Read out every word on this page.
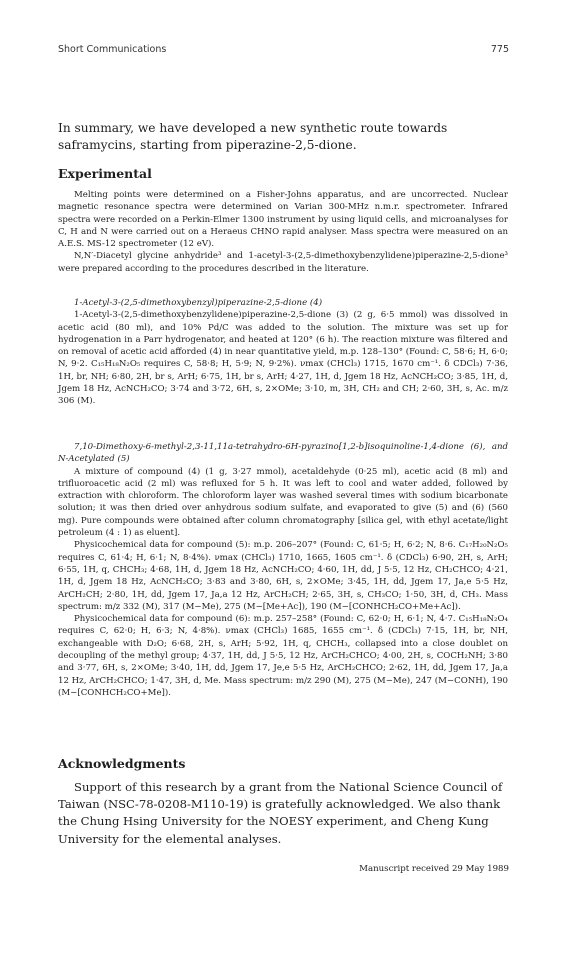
Short Communications	775
In summary, we have developed a new synthetic route towards saframycins, starting from piperazine-2,5-dione.
Experimental

Melting points were determined on a Fisher-Johns apparatus, and are uncorrected. Nuclear magnetic resonance spectra were determined on Varian 300-MHz n.m.r. spectrometer. Infrared spectra were recorded on a Perkin-Elmer 1300 instrument by using liquid cells, and microanalyses for C, H and N were carried out on a Heraeus CHNO rapid analyser. Mass spectra were measured on an A.E.S. MS-12 spectrometer (12 eV).

N,N′-Diacetyl glycine anhydride³ and 1-acetyl-3-(2,5-dimethoxybenzylidene)piperazine-2,5-dione³ were prepared according to the procedures described in the literature.

1-Acetyl-3-(2,5-dimethoxybenzyl)piperazine-2,5-dione (4)

1-Acetyl-3-(2,5-dimethoxybenzylidene)piperazine-2,5-dione (3) (2 g, 6·5 mmol) was dissolved in acetic acid (80 ml), and 10% Pd/C was added to the solution. The mixture was set up for hydrogenation in a Parr hydrogenator, and heated at 120° (6 h). The reaction mixture was filtered and on removal of acetic acid afforded (4) in near quantitative yield, m.p. 128–130° (Found: C, 58·6; H, 6·0; N, 9·2. C₁₅H₁₈N₂O₅ requires C, 58·8; H, 5·9; N, 9·2%). νmax (CHCl₃) 1715, 1670 cm⁻¹. δ CDCl₃) 7·36, 1H, br, NH; 6·80, 2H, br s, ArH; 6·75, 1H, br s, ArH; 4·27, 1H, d, Jgem 18 Hz, AcNCH₂CO; 3·85, 1H, d, Jgem 18 Hz, AcNCH₂CO; 3·74 and 3·72, 6H, s, 2×OMe; 3·10, m, 3H, CH₂ and CH; 2·60, 3H, s, Ac. m/z 306 (M).

7,10-Dimethoxy-6-methyl-2,3-11,11a-tetrahydro-6H-pyrazino[1,2-b]isoquinoline-1,4-dione (6), and N-Acetylated (5)

A mixture of compound (4) (1 g, 3·27 mmol), acetaldehyde (0·25 ml), acetic acid (8 ml) and trifluoroacetic acid (2 ml) was refluxed for 5 h. It was left to cool and water added, followed by extraction with chloroform. The chloroform layer was washed several times with sodium bicarbonate solution; it was then dried over anhydrous sodium sulfate, and evaporated to give (5) and (6) (560 mg). Pure compounds were obtained after column chromatography [silica gel, with ethyl acetate/light petroleum (4 : 1) as eluent].

Physicochemical data for compound (5): m.p. 206–207° (Found: C, 61·5; H, 6·2; N, 8·6. C₁₇H₂₀N₂O₅ requires C, 61·4; H, 6·1; N, 8·4%). νmax (CHCl₃) 1710, 1665, 1605 cm⁻¹. δ (CDCl₃) 6·90, 2H, s, ArH; 6·55, 1H, q, CHCH₃; 4·68, 1H, d, Jgem 18 Hz, AcNCH₂CO; 4·60, 1H, dd, J 5·5, 12 Hz, CH₂CHCO; 4·21, 1H, d, Jgem 18 Hz, AcNCH₂CO; 3·83 and 3·80, 6H, s, 2×OMe; 3·45, 1H, dd, Jgem 17, Ja,e 5·5 Hz, ArCH₂CH; 2·80, 1H, dd, Jgem 17, Ja,a 12 Hz, ArCH₂CH; 2·65, 3H, s, CH₃CO; 1·50, 3H, d, CH₃. Mass spectrum: m/z 332 (M), 317 (M−Me), 275 (M−[Me+Ac]), 190 (M−[CONHCH₂CO+Me+Ac]).

Physicochemical data for compound (6): m.p. 257–258° (Found: C, 62·0; H, 6·1; N, 4·7. C₁₅H₁₈N₂O₄ requires C, 62·0; H, 6·3; N, 4·8%). νmax (CHCl₃) 1685, 1655 cm⁻¹. δ (CDCl₃) 7·15, 1H, br, NH, exchangeable with D₂O; 6·68, 2H, s, ArH; 5·92, 1H, q, CHCH₃, collapsed into a close doublet on decoupling of the methyl group; 4·37, 1H, dd, J 5·5, 12 Hz, ArCH₂CHCO; 4·00, 2H, s, COCH₂NH; 3·80 and 3·77, 6H, s, 2×OMe; 3·40, 1H, dd, Jgem 17, Je,e 5·5 Hz, ArCH₂CHCO; 2·62, 1H, dd, Jgem 17, Ja,a 12 Hz, ArCH₂CHCO; 1·47, 3H, d, Me. Mass spectrum: m/z 290 (M), 275 (M−Me), 247 (M−CONH), 190 (M−[CONHCH₂CO+Me]).

Acknowledgments

Support of this research by a grant from the National Science Council of Taiwan (NSC-78-0208-M110-19) is gratefully acknowledged. We also thank the Chung Hsing University for the NOESY experiment, and Cheng Kung University for the elemental analyses.

Manuscript received 29 May 1989
